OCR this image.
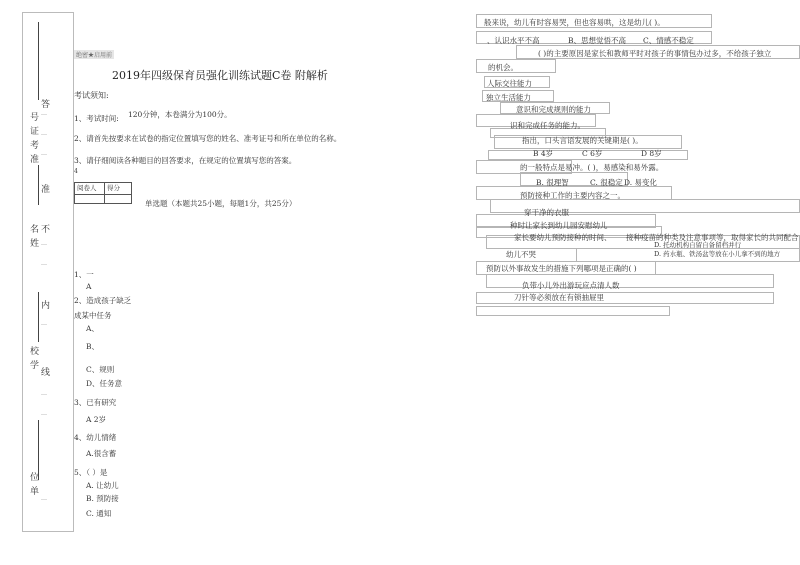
答
号
证
考
准
准
不
名
姓
内
校
学
线
位
单
…
…
…
…
…
…
…
…
…
绝密★启用前
2019年四级保育员强化训练试题C卷 附解析
考试须知:
1、考试时间: 120分钟，本卷满分为100分。
2、请首先按要求在试卷的指定位置填写您的姓名、准考证号和所在单位的名称。
3、请仔细阅读各种题目的回答要求，在规定的位置填写您的答案。
4
阅卷人	得分
单选题（本题共25小题，每题1分，共25分）
1、一
A
2、造成孩子缺乏
成某中任务
A、
B、
C、规则
D、任务意
3、已有研究
A 2岁
4、幼儿情绪
A.很含蓄
5、（ ）是
A. 让幼儿
B. 预防接
C. 通知
般来说，幼儿有时容易哭，但也容易哄，这是幼儿( )。
、认识水平不高	B、思想觉悟不高 C、情感不稳定
( )的主要原因是家长和教师平时对孩子的事情包办过多，不给孩子独立
的机会。
人际交往能力
独立生活能力
意识和完成规则的能力
识和完成任务的能力。
指出，口头言语发展的关键期是( )。
B 4岁	C 6岁	D 8岁
的一般特点是易冲。( )，易感染和易外露。
B. 很理智	C. 很稳定 D. 易变化
预防接种工作的主要内容之一。
穿干净的衣服
种时让家长到幼儿园安慰幼儿
家长要幼儿预防接种的时间、 接种疫苗的种类及注意事项等，取得家长的共同配合
D. 托幼机构自留自备留档并行
幼儿不哭	D. 药水瓶、铁汤盆等放在小儿拿不到的地方
预防以外事故发生的措施下列哪项是正确的( )
负带小儿外出游玩应点清人数
刀针等必须放在有锁抽屉里
